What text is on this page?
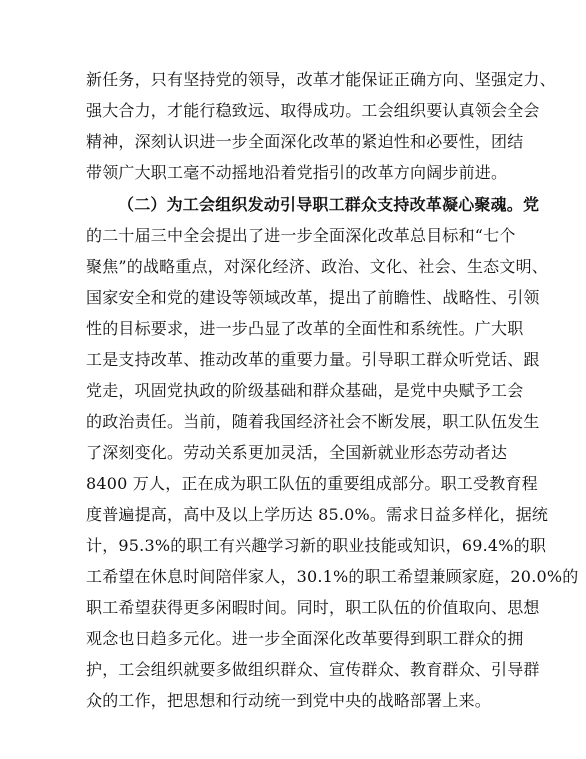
新任务，只有坚持党的领导，改革才能保证正确方向、坚强定力、

强大合力，才能行稳致远、取得成功。工会组织要认真领会全会

精神，深刻认识进一步全面深化改革的紧迫性和必要性，团结

带领广大职工毫不动摇地沿着党指引的改革方向阔步前进。

（二）为工会组织发动引导职工群众支持改革凝心聚魂。党

的二十届三中全会提出了进一步全面深化改革总目标和“七个

聚焦”的战略重点，对深化经济、政治、文化、社会、生态文明、

国家安全和党的建设等领域改革，提出了前瞻性、战略性、引领

性的目标要求，进一步凸显了改革的全面性和系统性。广大职

工是支持改革、推动改革的重要力量。引导职工群众听党话、跟

党走，巩固党执政的阶级基础和群众基础，是党中央赋予工会

的政治责任。当前，随着我国经济社会不断发展，职工队伍发生

了深刻变化。劳动关系更加灵活，全国新就业形态劳动者达

8400 万人，正在成为职工队伍的重要组成部分。职工受教育程

度普遍提高，高中及以上学历达 85.0%。需求日益多样化，据统

计，95.3%的职工有兴趣学习新的职业技能或知识，69.4%的职

工希望在休息时间陪伴家人，30.1%的职工希望兼顾家庭，20.0%的

职工希望获得更多闲暇时间。同时，职工队伍的价值取向、思想

观念也日趋多元化。进一步全面深化改革要得到职工群众的拥

护，工会组织就要多做组织群众、宣传群众、教育群众、引导群

众的工作，把思想和行动统一到党中央的战略部署上来。
